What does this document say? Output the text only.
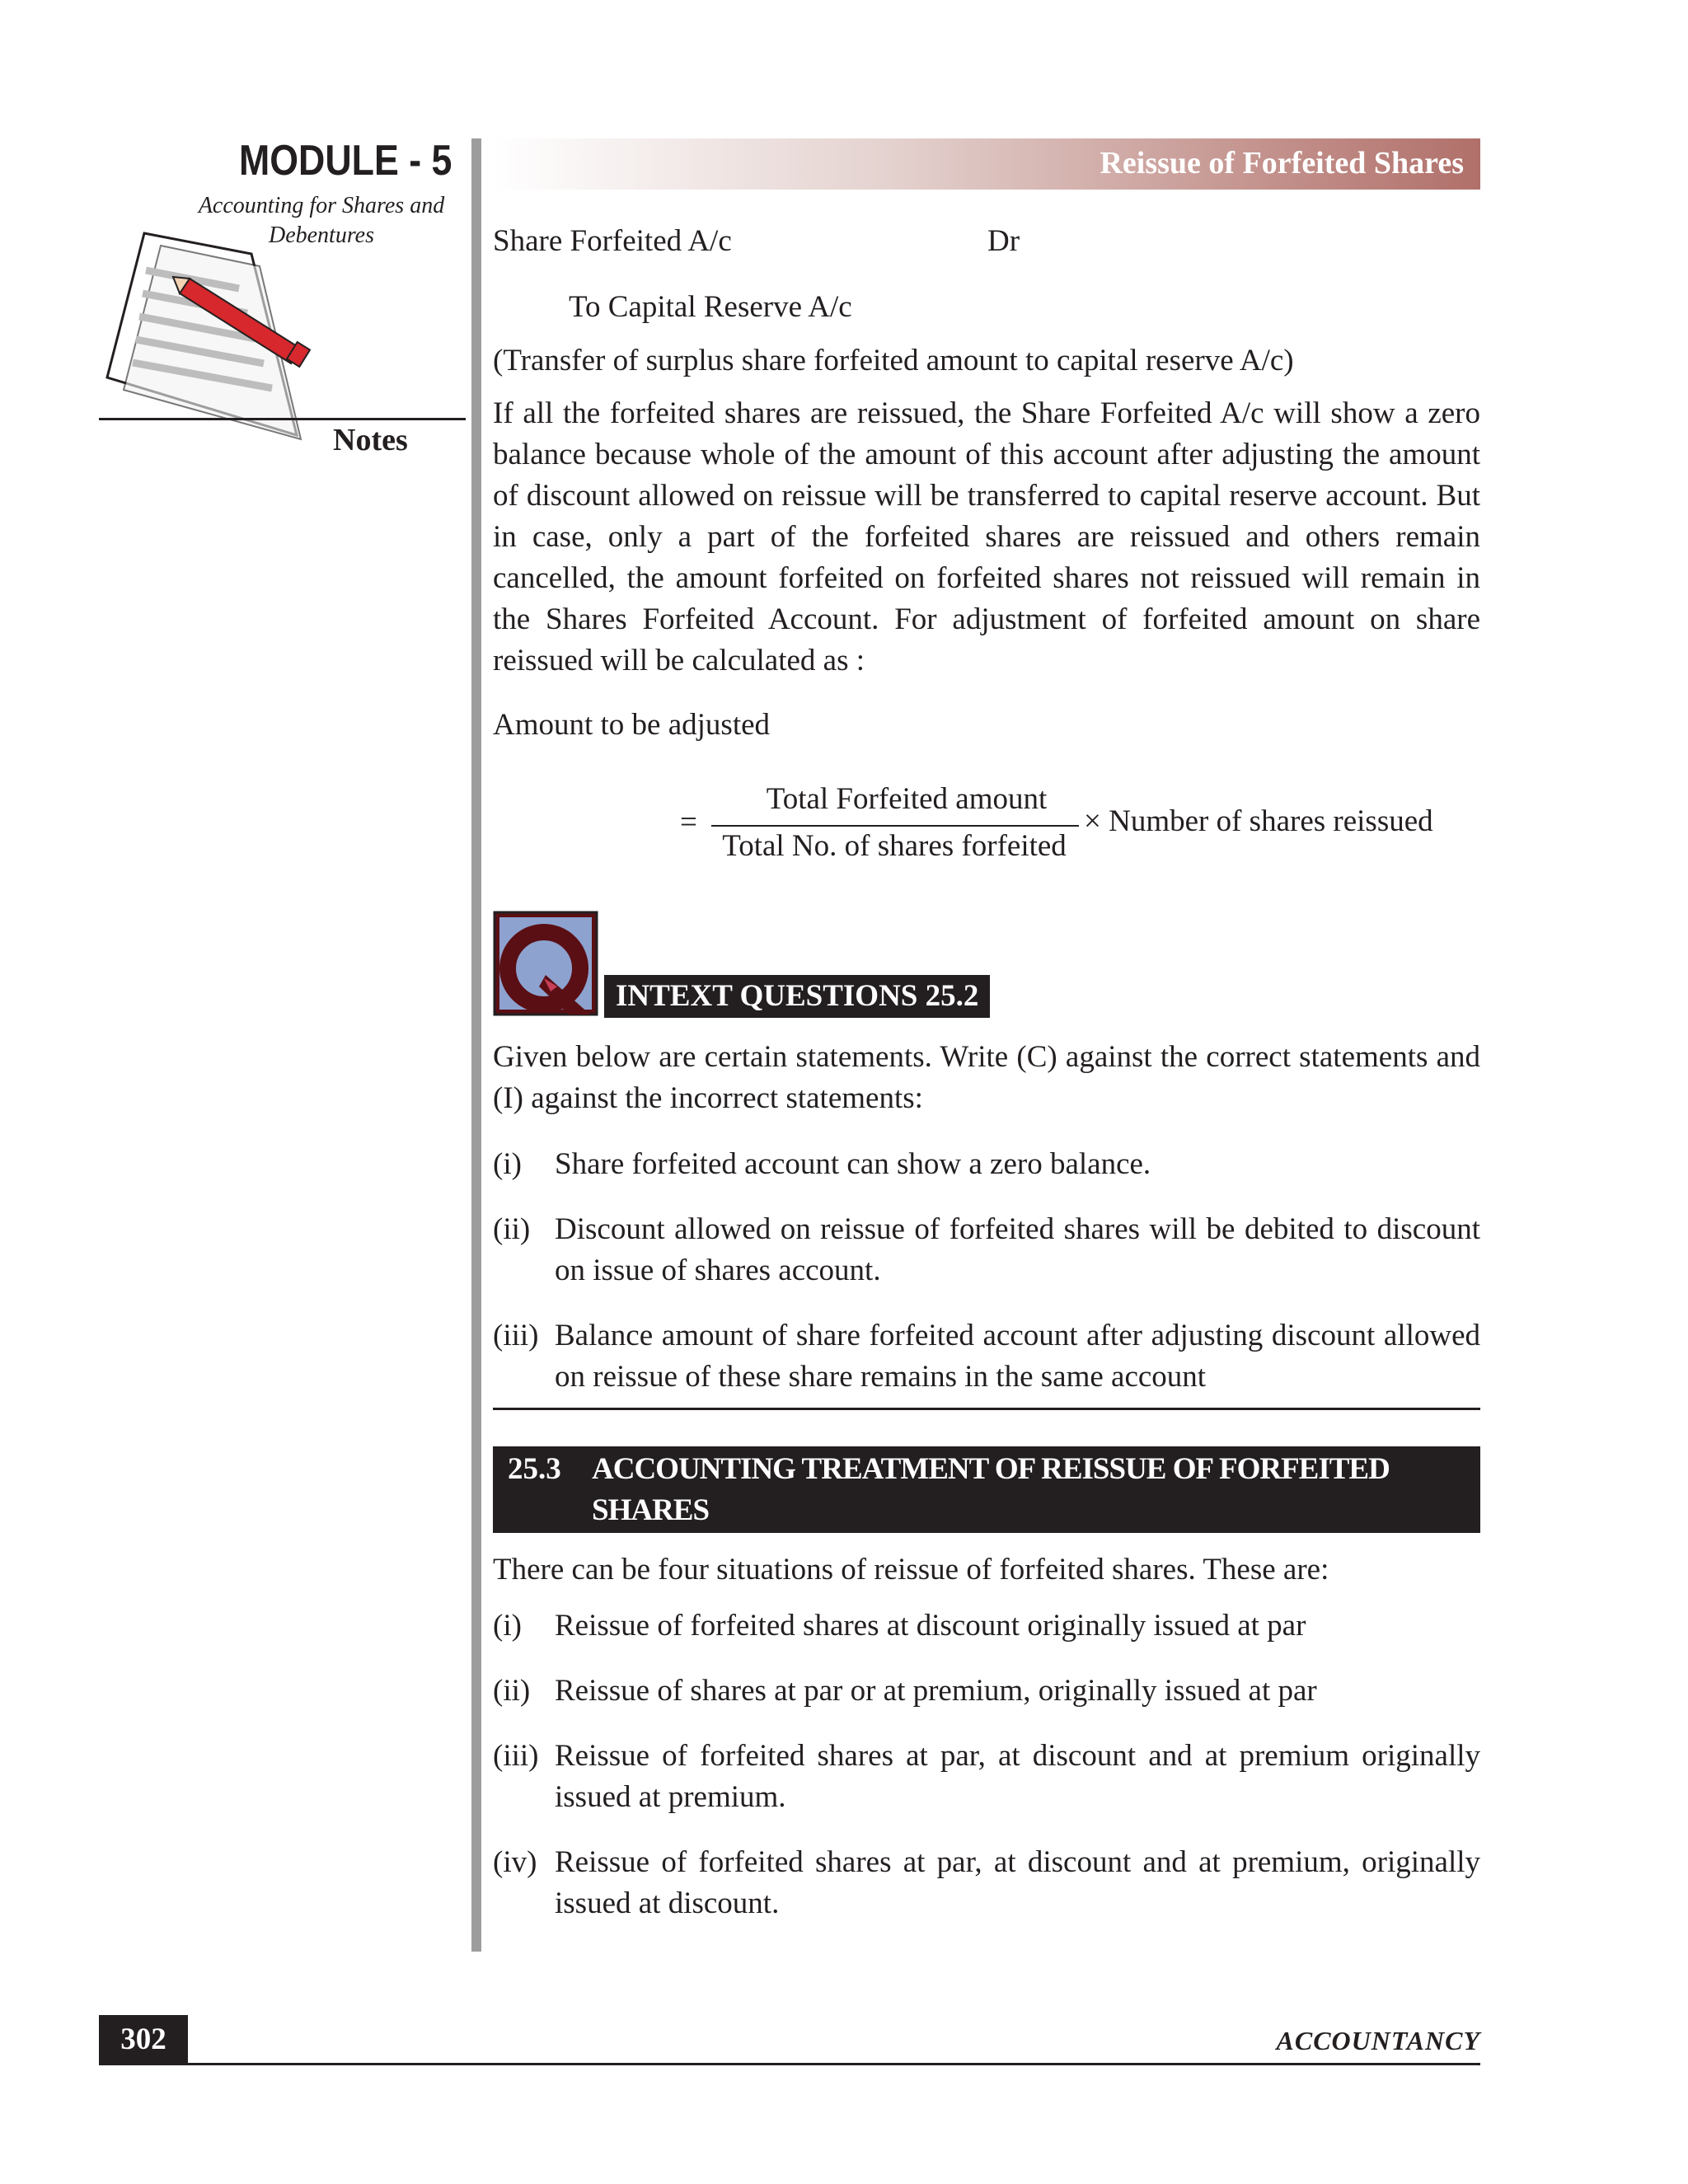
MODULE - 5
Accounting for Shares and
Debentures
Notes
Reissue of Forfeited Shares
Share Forfeited A/c	Dr
To Capital Reserve A/c
(Transfer of surplus share forfeited amount to capital reserve A/c)
If all the forfeited shares are reissued, the Share Forfeited A/c will show a zero balance because whole of the amount of this account after adjusting the amount of discount allowed on reissue will be transferred to capital reserve account. But in case, only a part of the forfeited shares are reissued and others remain cancelled, the amount forfeited on forfeited shares not reissued will remain in the Shares Forfeited Account. For adjustment of forfeited amount on share reissued will be calculated as :
Amount to be adjusted
=
Total Forfeited amount
Total No. of shares forfeited
× Number of shares reissued
INTEXT QUESTIONS 25.2
Given below are certain statements. Write (C) against the correct statements and (I) against the incorrect statements:
(i) Share forfeited account can show a zero balance.
(ii) Discount allowed on reissue of forfeited shares will be debited to discount on issue of shares account.
(iii) Balance amount of share forfeited account after adjusting discount allowed on reissue of these share remains in the same account
25.3 ACCOUNTING TREATMENT OF REISSUE OF FORFEITED SHARES
There can be four situations of reissue of forfeited shares. These are:
(i) Reissue of forfeited shares at discount originally issued at par
(ii) Reissue of shares at par or at premium, originally issued at par
(iii) Reissue of forfeited shares at par, at discount and at premium originally issued at premium.
(iv) Reissue of forfeited shares at par, at discount and at premium, originally issued at discount.
302	ACCOUNTANCY
